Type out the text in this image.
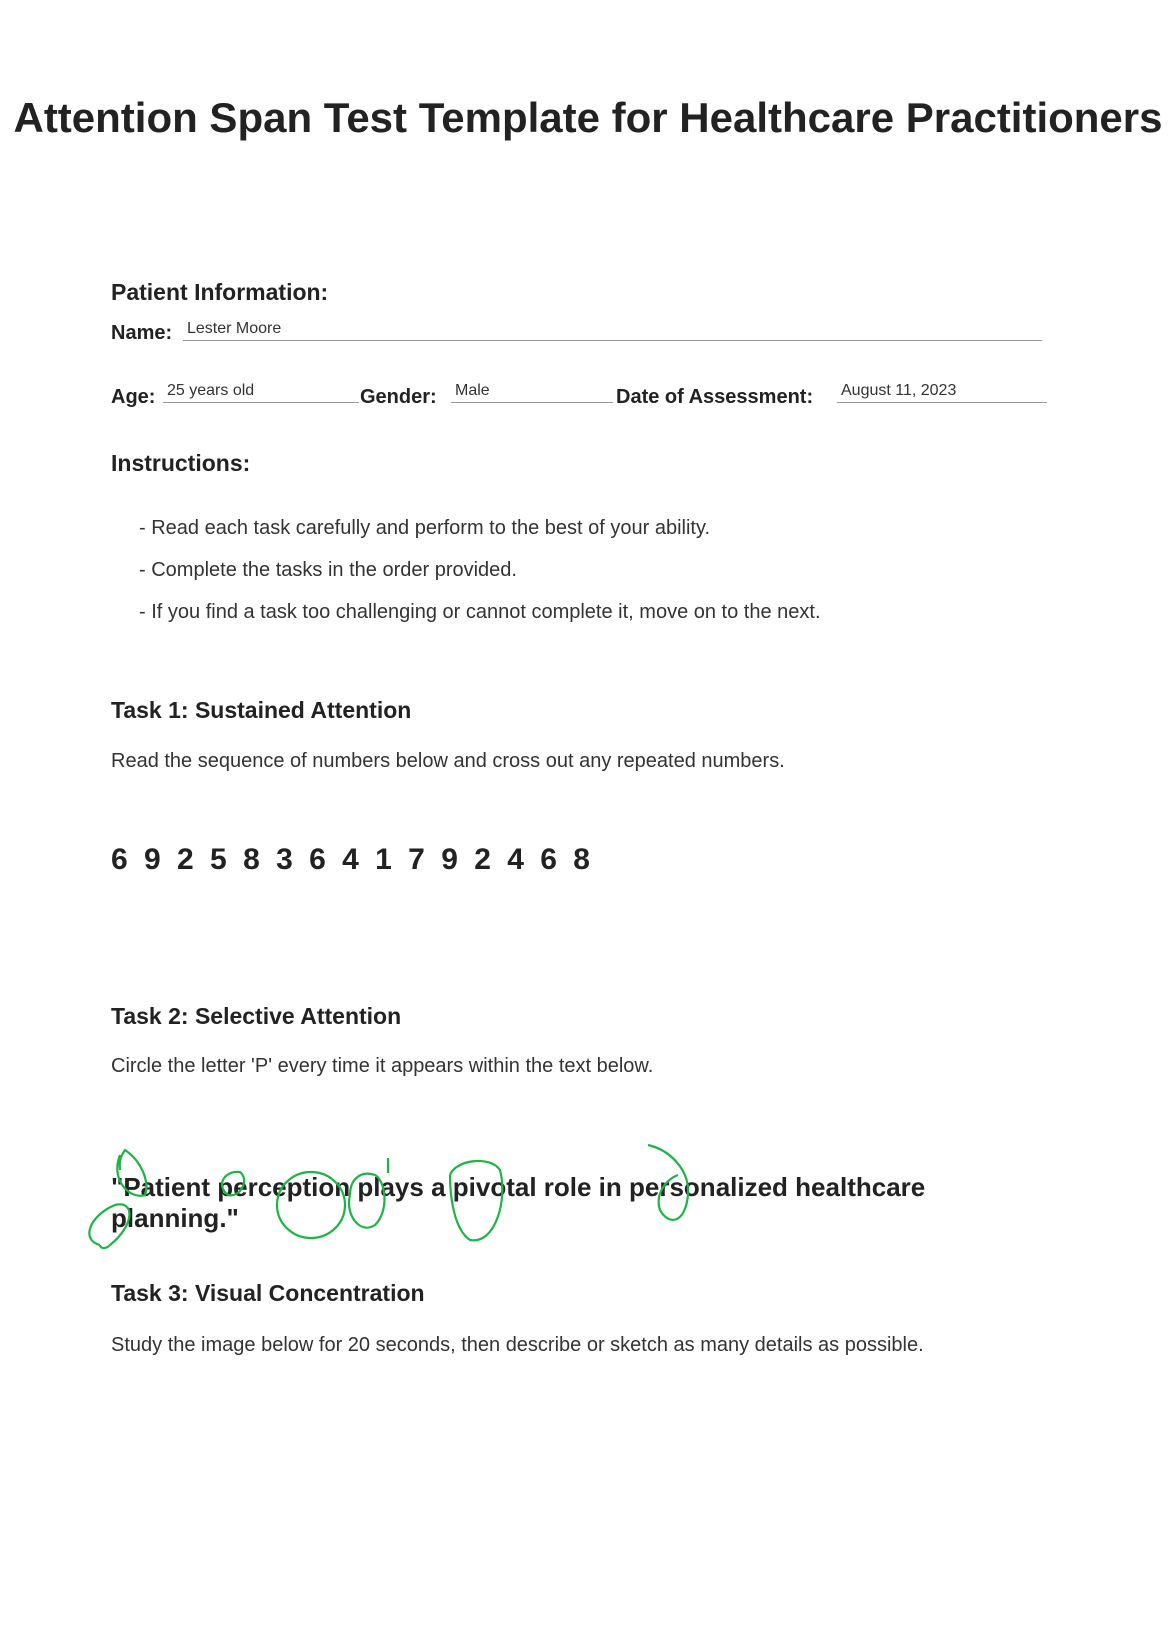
Attention Span Test Template for Healthcare Practitioners
Patient Information:
Name: Lester Moore
Age: 25 years old	Gender: Male	Date of Assessment: August 11, 2023
Instructions:
- Read each task carefully and perform to the best of your ability.
- Complete the tasks in the order provided.
- If you find a task too challenging or cannot complete it, move on to the next.
Task 1: Sustained Attention
Read the sequence of numbers below and cross out any repeated numbers.
6 9 2 5 8 3 6 4 1 7 9 2 4 6 8
Task 2: Selective Attention
Circle the letter 'P' every time it appears within the text below.
"Patient perception plays a pivotal role in personalized healthcare planning."
Task 3: Visual Concentration
Study the image below for 20 seconds, then describe or sketch as many details as possible.
